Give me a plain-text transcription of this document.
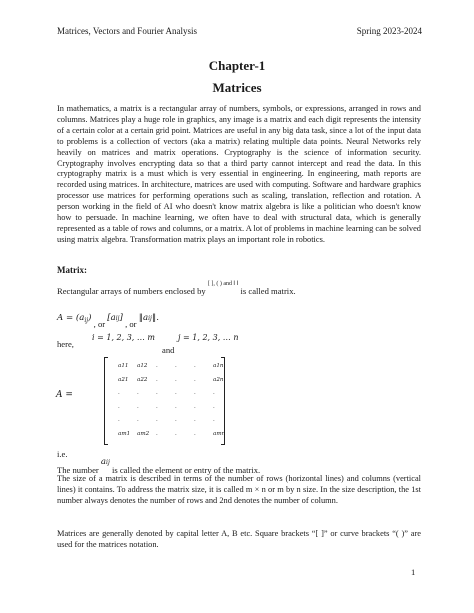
Matrices, Vectors and Fourier Analysis	Spring 2023-2024
Chapter-1
Matrices

In mathematics, a matrix is a rectangular array of numbers, symbols, or expressions, arranged in rows and columns. Matrices play a huge role in graphics, any image is a matrix and each digit represents the intensity of a certain color at a certain grid point. Matrices are useful in any big data task, since a lot of the input data to problems is a collection of vectors (aka a matrix) relating multiple data points. Neural Networks rely heavily on matrices and matrix operations. Cryptography is the science of information security. Cryptography involves encrypting data so that a third party cannot intercept and read the data. In this cryptography matrix is a must which is very essential in engineering. In engineering, math reports are recorded using matrices. In architecture, matrices are used with computing. Software and hardware graphics processor use matrices for performing operations such as scaling, translation, reflection and rotation. A person working in the field of AI who doesn't know matrix algebra is like a politician who doesn't know how to persuade. In machine learning, we often have to deal with structural data, which is generally represented as a table of rows and columns, or a matrix. A lot of problems in machine learning can be solved using matrix algebra. Transformation matrix plays an important role in robotics.

Matrix:
Rectangular arrays of numbers enclosed by $^{[ ], ( ) and ‖ ‖}$ is called matrix.
$A = (a_{ij})$ , or [aij] , or ‖aij‖.
here,
i = 1, 2, 3, … m
and
j = 1, 2, 3, … n
A =
a11 a12 .	.	.	a1n
a21 a22 .	.	.	a2n
.	.	.	.	.	.
.	.	.	.	.	.
.	.	.	.	.	.
am1 am2 .	.	.	amn
i.e.
The number aij is called the element or entry of the matrix.

The size of a matrix is described in terms of the number of rows (horizontal lines) and columns (vertical lines) it contains. To address the matrix size, it is called m × n or m by n size. In the size description, the 1st number always denotes the number of rows and 2nd denotes the number of column.

Matrices are generally denoted by capital letter A, B etc. Square brackets “[ ]” or curve brackets “( )” are used for the matrices notation.

1
